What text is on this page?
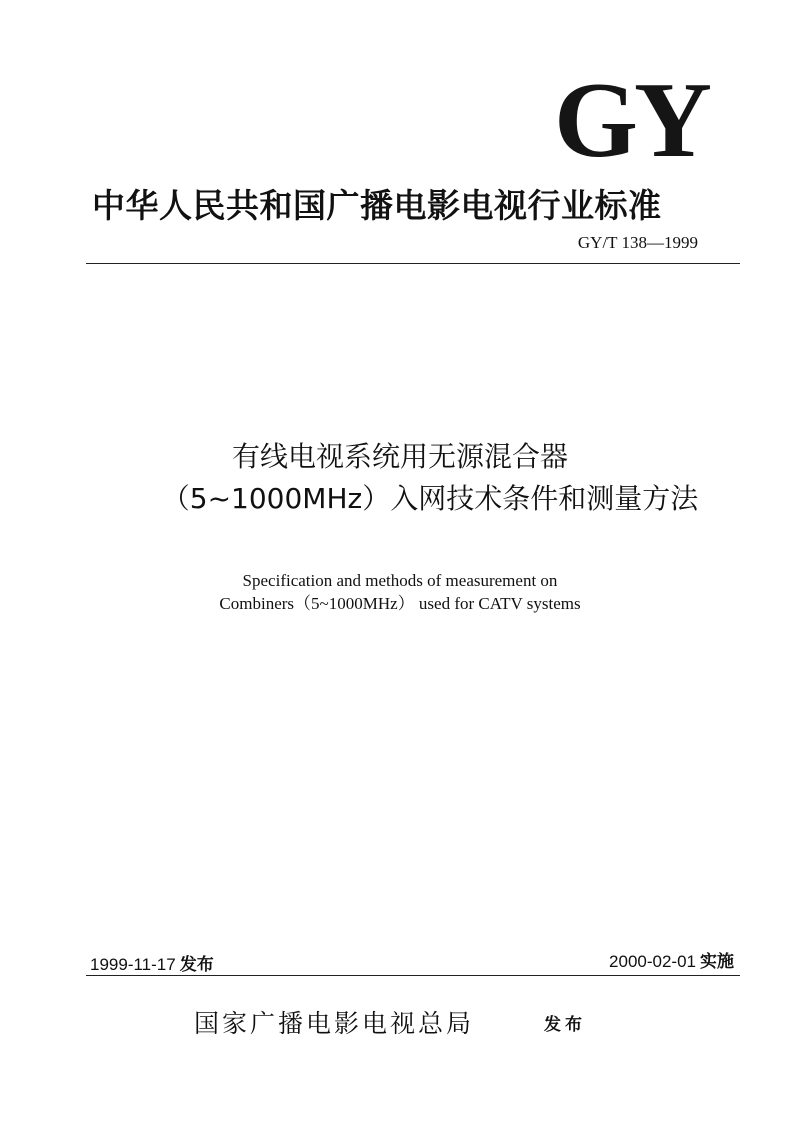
GY
中华人民共和国广播电影电视行业标准
GY/T 138—1999
有线电视系统用无源混合器
（5~1000MHz）入网技术条件和测量方法
Specification and methods of measurement on
Combiners（5~1000MHz） used for CATV systems
1999-11-17 发布	2000-02-01 实施
国家广播电影电视总局	发布
